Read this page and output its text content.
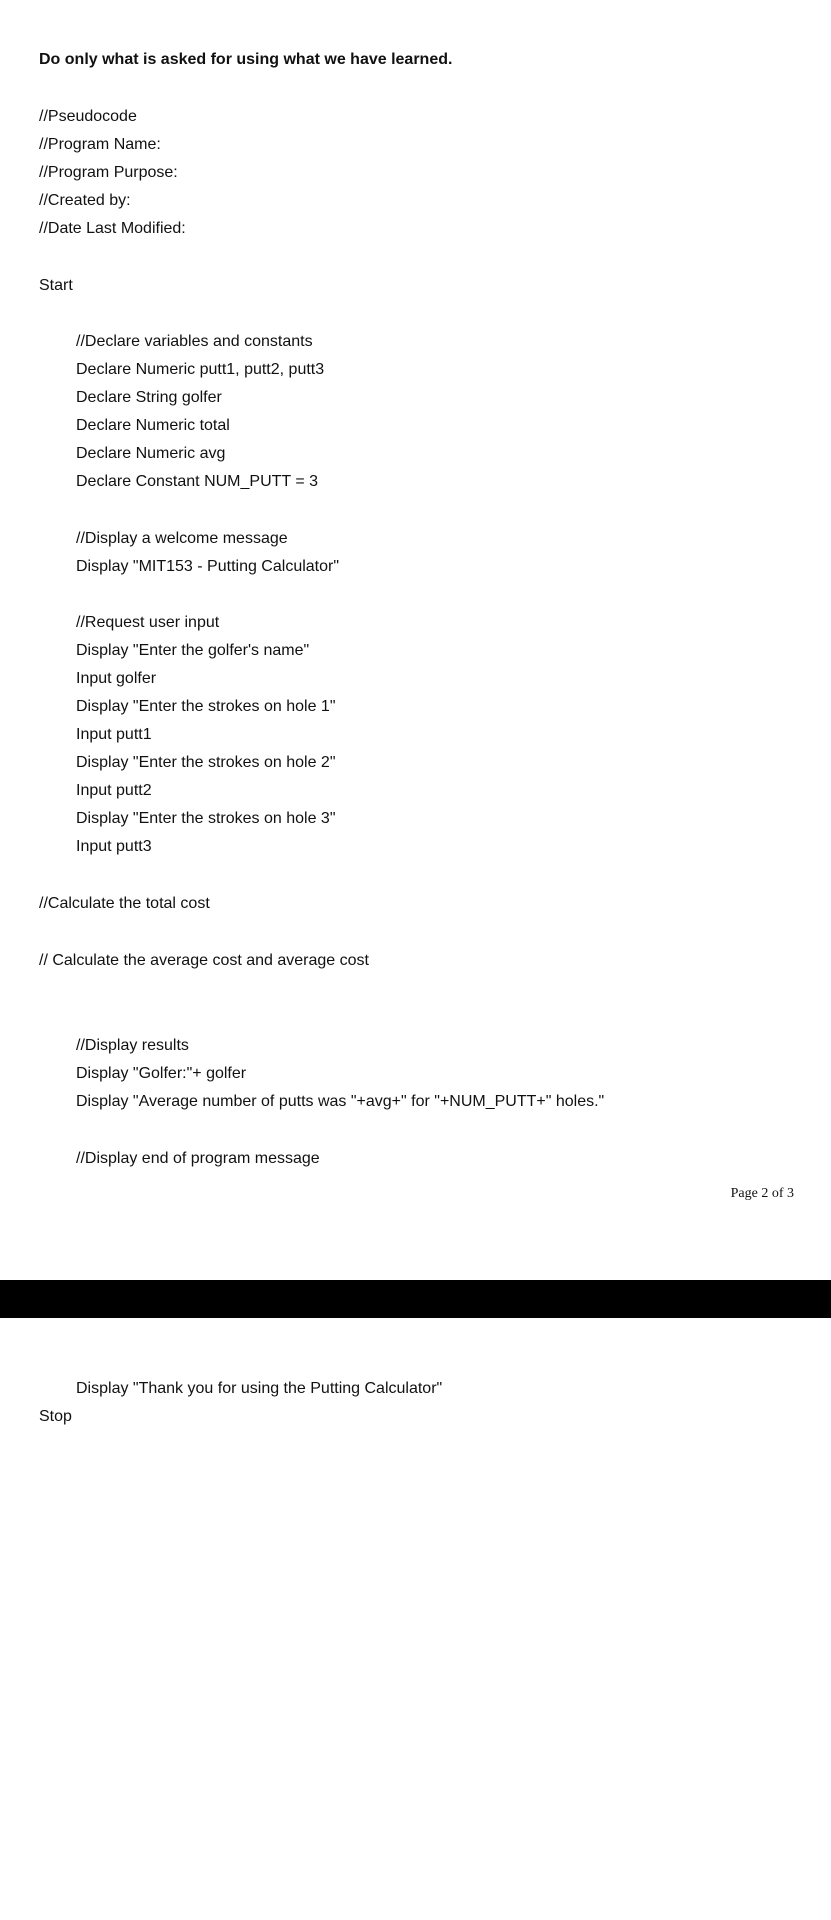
Do only what is asked for using what we have learned.
//Pseudocode
//Program Name:
//Program Purpose:
//Created by:
//Date Last Modified:
Start
//Declare variables and constants
Declare Numeric putt1, putt2, putt3
Declare String golfer
Declare Numeric total
Declare Numeric avg
Declare Constant NUM_PUTT = 3
//Display a welcome message
Display "MIT153 - Putting Calculator"
//Request user input
Display "Enter the golfer's name"
Input golfer
Display "Enter the strokes on hole 1"
Input putt1
Display "Enter the strokes on hole 2"
Input putt2
Display "Enter the strokes on hole 3"
Input putt3
//Calculate the total cost
// Calculate the average cost and average cost
//Display results
Display "Golfer:"+ golfer
Display "Average number of putts was "+avg+" for "+NUM_PUTT+" holes."
//Display end of program message
Page 2 of 3
Display "Thank you for using the Putting Calculator"
Stop
